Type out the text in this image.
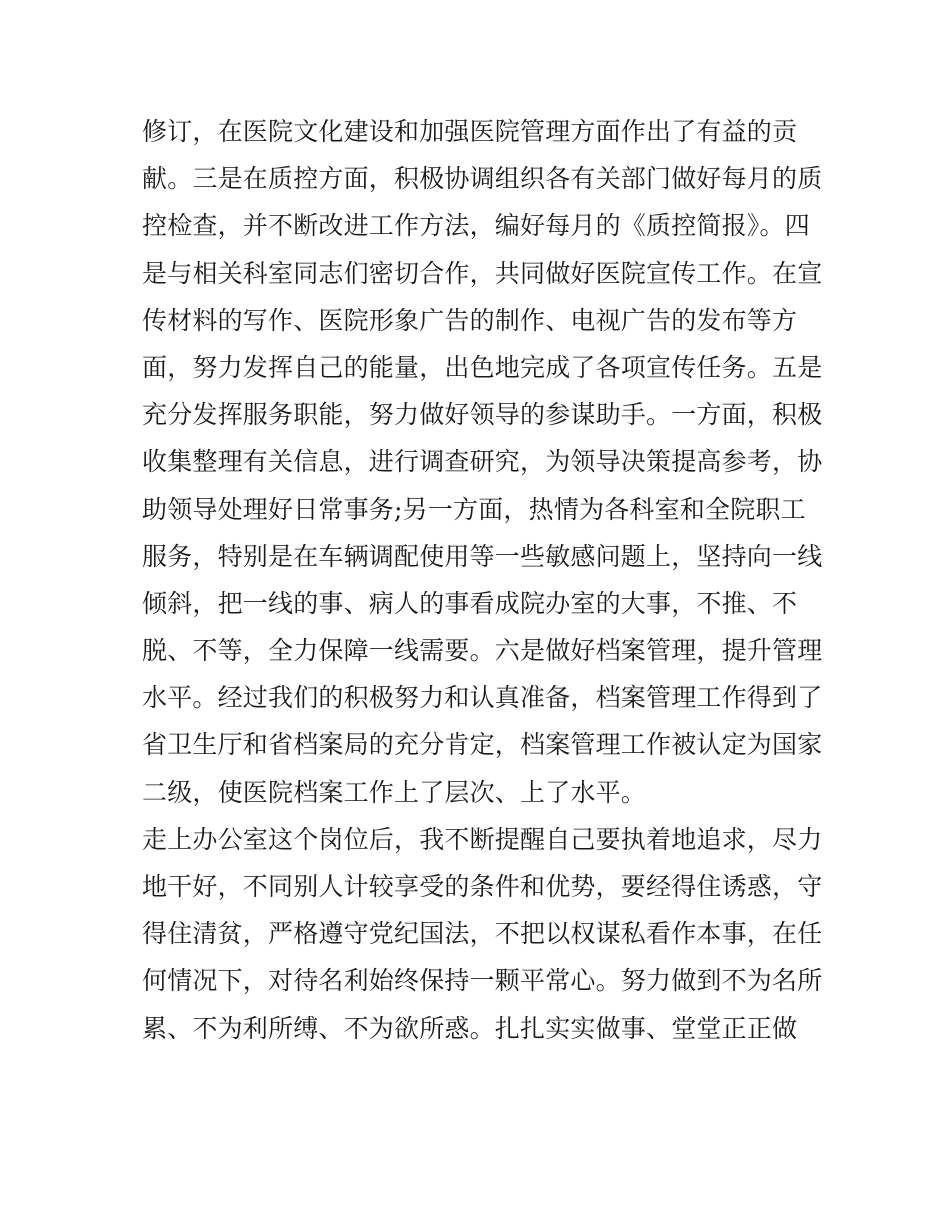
修订，在医院文化建设和加强医院管理方面作出了有益的贡
献。三是在质控方面，积极协调组织各有关部门做好每月的质
控检查，并不断改进工作方法，编好每月的《质控简报》。四
是与相关科室同志们密切合作，共同做好医院宣传工作。在宣
传材料的写作、医院形象广告的制作、电视广告的发布等方
面，努力发挥自己的能量，出色地完成了各项宣传任务。五是
充分发挥服务职能，努力做好领导的参谋助手。一方面，积极
收集整理有关信息，进行调查研究，为领导决策提高参考，协
助领导处理好日常事务;另一方面，热情为各科室和全院职工
服务，特别是在车辆调配使用等一些敏感问题上，坚持向一线
倾斜，把一线的事、病人的事看成院办室的大事，不推、不
脱、不等，全力保障一线需要。六是做好档案管理，提升管理
水平。经过我们的积极努力和认真准备，档案管理工作得到了
省卫生厅和省档案局的充分肯定，档案管理工作被认定为国家
二级，使医院档案工作上了层次、上了水平。
走上办公室这个岗位后，我不断提醒自己要执着地追求，尽力
地干好，不同别人计较享受的条件和优势，要经得住诱惑，守
得住清贫，严格遵守党纪国法，不把以权谋私看作本事，在任
何情况下，对待名利始终保持一颗平常心。努力做到不为名所
累、不为利所缚、不为欲所惑。扎扎实实做事、堂堂正正做
